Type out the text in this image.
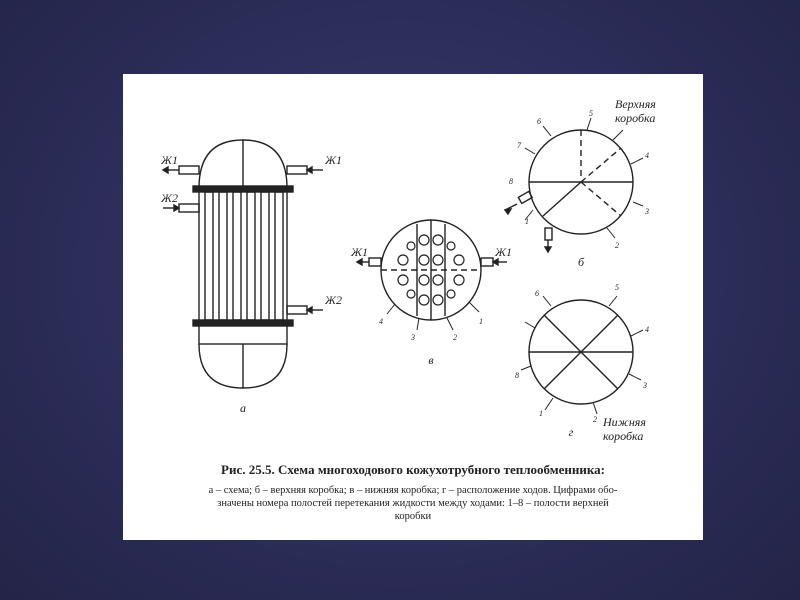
Ж1	Ж1
Ж2
Ж2
а
Ж1	Ж1
1
2
3
4
в
Верхняя
коробка
1
2
3
4
5
6
7
8
б
1
2
3
4
5
6
8
г
Нижняя
коробка
Рис. 25.5. Схема многоходового кожухотрубного теплообменника:
а – схема; б – верхняя коробка; в – нижняя коробка; г – расположение ходов. Цифрами обо-
значены номера полостей перетекания жидкости между ходами: 1–8 – полости верхней
коробки
